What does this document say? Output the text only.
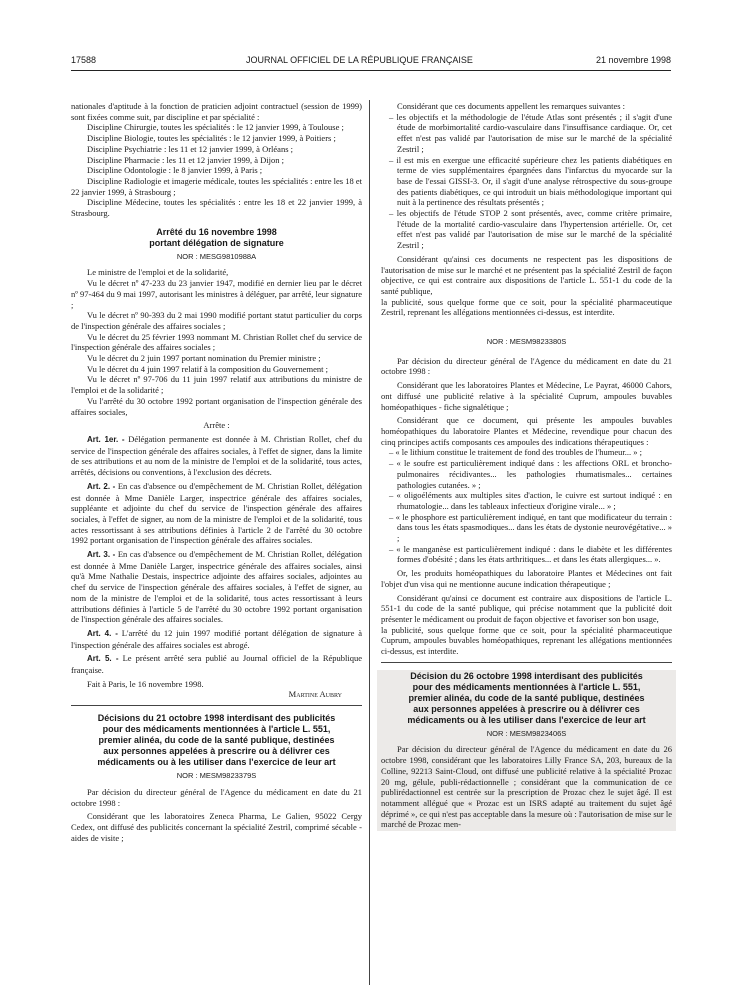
17588	JOURNAL OFFICIEL DE LA RÉPUBLIQUE FRANÇAISE	21 novembre 1998

nationales d'aptitude à la fonction de praticien adjoint contractuel (session de 1999) sont fixées comme suit, par discipline et par spécialité :

Discipline Chirurgie, toutes les spécialités : le 12 janvier 1999, à Toulouse ;

Discipline Biologie, toutes les spécialités : le 12 janvier 1999, à Poitiers ;

Discipline Psychiatrie : les 11 et 12 janvier 1999, à Orléans ;

Discipline Pharmacie : les 11 et 12 janvier 1999, à Dijon ;

Discipline Odontologie : le 8 janvier 1999, à Paris ;

Discipline Radiologie et imagerie médicale, toutes les spécialités : entre les 18 et 22 janvier 1999, à Strasbourg ;

Discipline Médecine, toutes les spécialités : entre les 18 et 22 janvier 1999, à Strasbourg.

Arrêté du 16 novembre 1998
portant délégation de signature
NOR : MESG9810988A

Le ministre de l'emploi et de la solidarité,

Vu le décret nº 47-233 du 23 janvier 1947, modifié en dernier lieu par le décret nº 97-464 du 9 mai 1997, autorisant les ministres à déléguer, par arrêté, leur signature ;

Vu le décret nº 90-393 du 2 mai 1990 modifié portant statut particulier du corps de l'inspection générale des affaires sociales ;

Vu le décret du 25 février 1993 nommant M. Christian Rollet chef du service de l'inspection générale des affaires sociales ;

Vu le décret du 2 juin 1997 portant nomination du Premier ministre ;

Vu le décret du 4 juin 1997 relatif à la composition du Gouvernement ;

Vu le décret nº 97-706 du 11 juin 1997 relatif aux attributions du ministre de l'emploi et de la solidarité ;

Vu l'arrêté du 30 octobre 1992 portant organisation de l'inspection générale des affaires sociales,

Arrête :

Art. 1er. - Délégation permanente est donnée à M. Christian Rollet, chef du service de l'inspection générale des affaires sociales, à l'effet de signer, dans la limite de ses attributions et au nom de la ministre de l'emploi et de la solidarité, tous actes, arrêtés, décisions ou conventions, à l'exclusion des décrets.

Art. 2. - En cas d'absence ou d'empêchement de M. Christian Rollet, délégation est donnée à Mme Danièle Larger, inspectrice générale des affaires sociales, suppléante et adjointe du chef du service de l'inspection générale des affaires sociales, à l'effet de signer, au nom de la ministre de l'emploi et de la solidarité, tous actes ressortissant à ses attributions définies à l'article 2 de l'arrêté du 30 octobre 1992 portant organisation de l'inspection générale des affaires sociales.

Art. 3. - En cas d'absence ou d'empêchement de M. Christian Rollet, délégation est donnée à Mme Danièle Larger, inspectrice générale des affaires sociales, ainsi qu'à Mme Nathalie Destais, inspectrice adjointe des affaires sociales, adjointes au chef du service de l'inspection générale des affaires sociales, à l'effet de signer, au nom de la ministre de l'emploi et de la solidarité, tous actes ressortissant à leurs attributions définies à l'article 5 de l'arrêté du 30 octobre 1992 portant organisation de l'inspection générale des affaires sociales.

Art. 4. - L'arrêté du 12 juin 1997 modifié portant délégation de signature à l'inspection générale des affaires sociales est abrogé.

Art. 5. - Le présent arrêté sera publié au Journal officiel de la République française.

Fait à Paris, le 16 novembre 1998.

Martine Aubry

Décisions du 21 octobre 1998 interdisant des publicités
pour des médicaments mentionnées à l'article L. 551,
premier alinéa, du code de la santé publique, destinées
aux personnes appelées à prescrire ou à délivrer ces
médicaments ou à les utiliser dans l'exercice de leur art
NOR : MESM9823379S

Par décision du directeur général de l'Agence du médicament en date du 21 octobre 1998 :

Considérant que les laboratoires Zeneca Pharma, Le Galien, 95022 Cergy Cedex, ont diffusé des publicités concernant la spécialité Zestril, comprimé sécable - aides de visite ;

Considérant que ces documents appellent les remarques suivantes :

– les objectifs et la méthodologie de l'étude Atlas sont présentés ; il s'agit d'une étude de morbimortalité cardio-vasculaire dans l'insuffisance cardiaque. Or, cet effet n'est pas validé par l'autorisation de mise sur le marché de la spécialité Zestril ;

– il est mis en exergue une efficacité supérieure chez les patients diabétiques en terme de vies supplémentaires épargnées dans l'infarctus du myocarde sur la base de l'essai GISSI-3. Or, il s'agit d'une analyse rétrospective du sous-groupe des patients diabétiques, ce qui introduit un biais méthodologique important qui nuit à la pertinence des résultats présentés ;

– les objectifs de l'étude STOP 2 sont présentés, avec, comme critère primaire, l'étude de la mortalité cardio-vasculaire dans l'hypertension artérielle. Or, cet effet n'est pas validé par l'autorisation de mise sur le marché de la spécialité Zestril ;

Considérant qu'ainsi ces documents ne respectent pas les dispositions de l'autorisation de mise sur le marché et ne présentent pas la spécialité Zestril de façon objective, ce qui est contraire aux dispositions de l'article L. 551-1 du code de la santé publique,

la publicité, sous quelque forme que ce soit, pour la spécialité pharmaceutique Zestril, reprenant les allégations mentionnées ci-dessus, est interdite.

NOR : MESM9823380S

Par décision du directeur général de l'Agence du médicament en date du 21 octobre 1998 :

Considérant que les laboratoires Plantes et Médecine, Le Payrat, 46000 Cahors, ont diffusé une publicité relative à la spécialité Cuprum, ampoules buvables homéopathiques - fiche signalétique ;

Considérant que ce document, qui présente les ampoules buvables homéopathiques du laboratoire Plantes et Médecine, revendique pour chacun des cinq principes actifs composants ces ampoules des indications thérapeutiques :

– « le lithium constitue le traitement de fond des troubles de l'humeur... » ;

– « le soufre est particulièrement indiqué dans : les affections ORL et broncho-pulmonaires récidivantes... les pathologies rhumatismales... certaines pathologies cutanées. » ;

– « oligoéléments aux multiples sites d'action, le cuivre est surtout indiqué : en rhumatologie... dans les tableaux infectieux d'origine virale... » ;

– « le phosphore est particulièrement indiqué, en tant que modificateur du terrain : dans tous les états spasmodiques... dans les états de dystonie neurovégétative... » ;

– « le manganèse est particulièrement indiqué : dans le diabète et les différentes formes d'obésité ; dans les états arthritiques... et dans les états allergiques... ».

Or, les produits homéopathiques du laboratoire Plantes et Médecines ont fait l'objet d'un visa qui ne mentionne aucune indication thérapeutique ;

Considérant qu'ainsi ce document est contraire aux dispositions de l'article L. 551-1 du code de la santé publique, qui précise notamment que la publicité doit présenter le médicament ou produit de façon objective et favoriser son bon usage,

la publicité, sous quelque forme que ce soit, pour la spécialité pharmaceutique Cuprum, ampoules buvables homéopathiques, reprenant les allégations mentionnées ci-dessus, est interdite.

Décision du 26 octobre 1998 interdisant des publicités
pour des médicaments mentionnées à l'article L. 551,
premier alinéa, du code de la santé publique, destinées
aux personnes appelées à prescrire ou à délivrer ces
médicaments ou à les utiliser dans l'exercice de leur art
NOR : MESM9823406S

Par décision du directeur général de l'Agence du médicament en date du 26 octobre 1998, considérant que les laboratoires Lilly France SA, 203, bureaux de la Colline, 92213 Saint-Cloud, ont diffusé une publicité relative à la spécialité Prozac 20 mg, gélule, publi-rédactionnelle ; considérant que la communication de ce publirédactionnel est centrée sur la prescription de Prozac chez le sujet âgé. Il est notamment allégué que « Prozac est un ISRS adapté au traitement du sujet âgé déprimé », ce qui n'est pas acceptable dans la mesure où : l'autorisation de mise sur le marché de Prozac men-
